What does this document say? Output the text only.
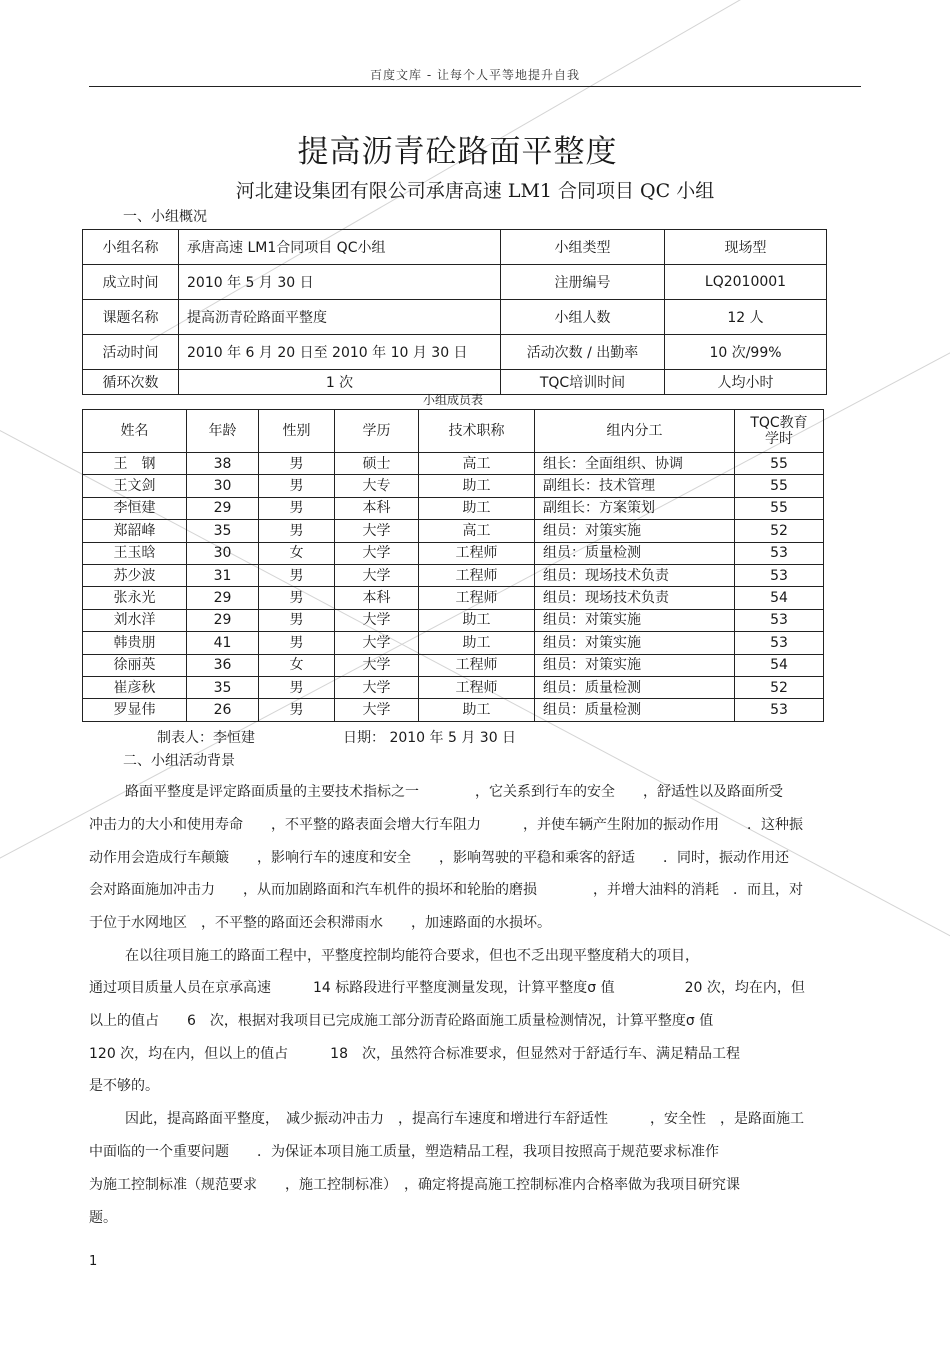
百度文库 - 让每个人平等地提升自我
提高沥青砼路面平整度
河北建设集团有限公司承唐高速 LM1 合同项目 QC 小组
一、小组概况
小组名称	承唐高速 LM1合同项目 QC小组	小组类型	现场型
成立时间	2010 年 5 月 30 日	注册编号	LQ2010001
课题名称	提高沥青砼路面平整度	小组人数	12 人
活动时间	2010 年 6 月 20 日至 2010 年 10 月 30 日	活动次数 / 出勤率	10 次/99%
循环次数	1 次	TQC培训时间	人均小时
小组成员表
姓名	年龄	性别	学历	技术职称	组内分工	TQC教育
学时
王　钢	38	男	硕士	高工	组长：全面组织、协调	55
王文剑	30	男	大专	助工	副组长：技术管理	55
李恒建	29	男	本科	助工	副组长：方案策划	55
郑韶峰	35	男	大学	高工	组员：对策实施	52
王玉晗	30	女	大学	工程师	组员：质量检测	53
苏少波	31	男	大学	工程师	组员：现场技术负责	53
张永光	29	男	本科	工程师	组员：现场技术负责	54
刘水洋	29	男	大学	助工	组员：对策实施	53
韩贵朋	41	男	大学	助工	组员：对策实施	53
徐丽英	36	女	大学	工程师	组员：对策实施	54
崔彦秋	35	男	大学	工程师	组员：质量检测	52
罗显伟	26	男	大学	助工	组员：质量检测	53
制表人：李恒建	日期： 2010 年 5 月 30 日
二、小组活动背景
路面平整度是评定路面质量的主要技术指标之一　　　　，它关系到行车的安全　　，舒适性以及路面所受
冲击力的大小和使用寿命　　，不平整的路表面会增大行车阻力　　　，并使车辆产生附加的振动作用　　．这种振
动作用会造成行车颠簸　　，影响行车的速度和安全　　，影响驾驶的平稳和乘客的舒适　　．同时，振动作用还
会对路面施加冲击力　　，从而加剧路面和汽车机件的损坏和轮胎的磨损　　　　，并增大油料的消耗　．而且，对
于位于水网地区　，不平整的路面还会积滞雨水　　，加速路面的水损坏。
在以往项目施工的路面工程中，平整度控制均能符合要求，但也不乏出现平整度稍大的项目，
通过项目质量人员在京承高速　　　14 标路段进行平整度测量发现，计算平整度σ 值　　　　　20 次，均在内，但
以上的值占　　6　次，根据对我项目已完成施工部分沥青砼路面施工质量检测情况，计算平整度σ 值
120 次，均在内，但以上的值占　　　18　次，虽然符合标准要求，但显然对于舒适行车、满足精品工程
是不够的。
因此，提高路面平整度，　减少振动冲击力　，提高行车速度和增进行车舒适性　　　，安全性　，是路面施工
中面临的一个重要问题　　．为保证本项目施工质量，塑造精品工程，我项目按照高于规范要求标准作
为施工控制标准（规范要求　　，施工控制标准）　，确定将提高施工控制标准内合格率做为我项目研究课
题。
1
